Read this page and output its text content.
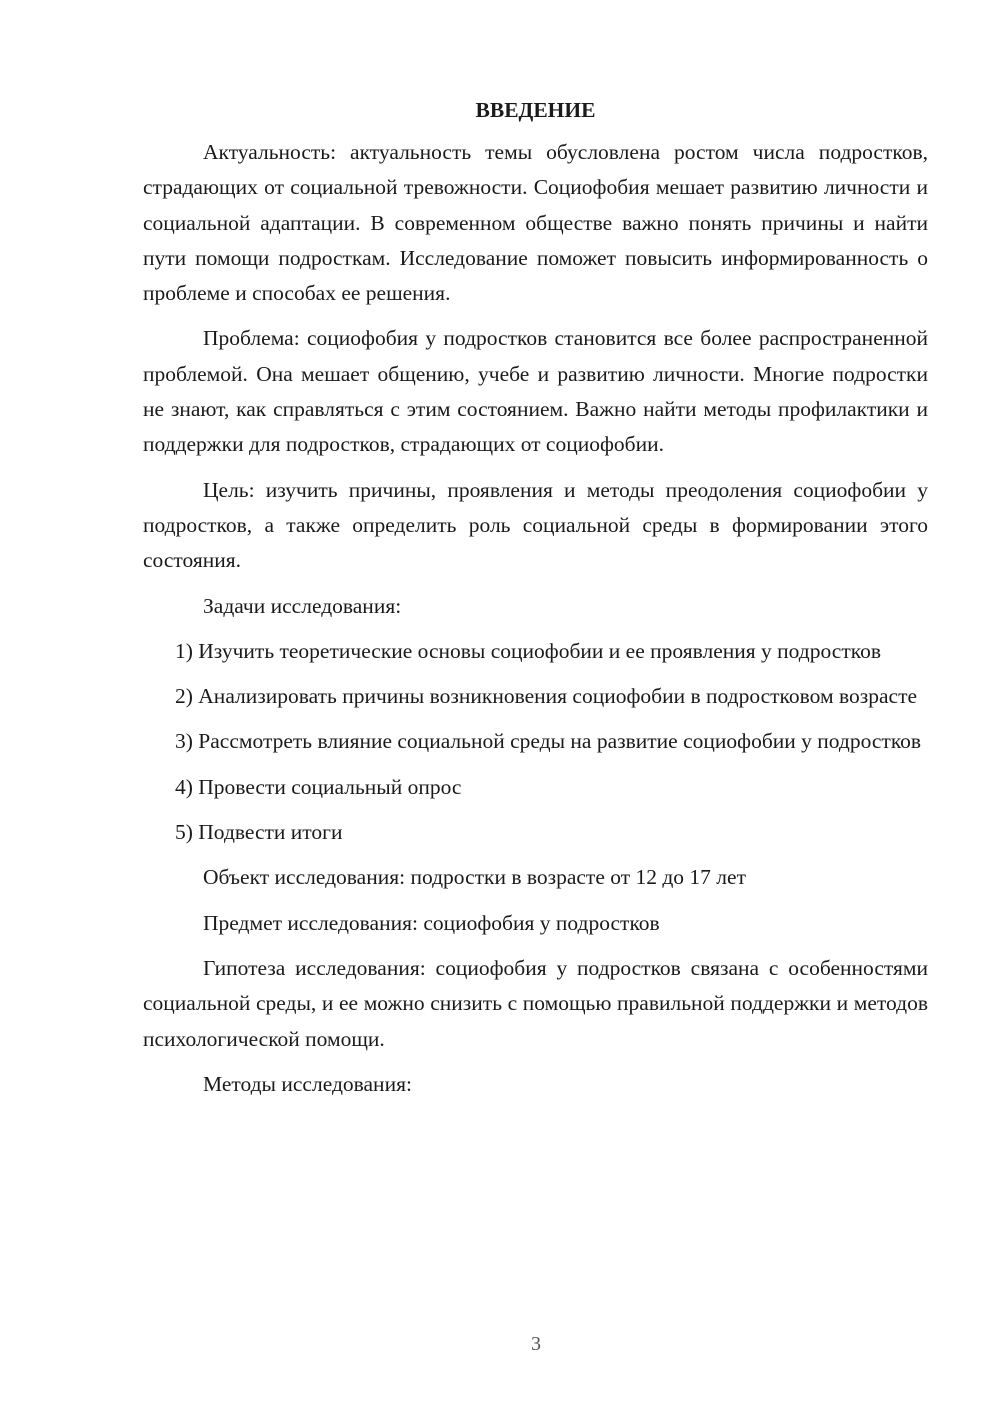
ВВЕДЕНИЕ

Актуальность: актуальность темы обусловлена ростом числа подростков, страдающих от социальной тревожности. Социофобия мешает развитию личности и социальной адаптации. В современном обществе важно понять причины и найти пути помощи подросткам. Исследование поможет повысить информированность о проблеме и способах ее решения.

Проблема: социофобия у подростков становится все более распространенной проблемой. Она мешает общению, учебе и развитию личности. Многие подростки не знают, как справляться с этим состоянием. Важно найти методы профилактики и поддержки для подростков, страдающих от социофобии.

Цель: изучить причины, проявления и методы преодоления социофобии у подростков, а также определить роль социальной среды в формировании этого состояния.

Задачи исследования:

1) Изучить теоретические основы социофобии и ее проявления у подростков

2) Анализировать причины возникновения социофобии в подростковом возрасте

3) Рассмотреть влияние социальной среды на развитие социофобии у подростков

4) Провести социальный опрос

5) Подвести итоги

Объект исследования: подростки в возрасте от 12 до 17 лет

Предмет исследования: социофобия у подростков

Гипотеза исследования: социофобия у подростков связана с особенностями социальной среды, и ее можно снизить с помощью правильной поддержки и методов психологической помощи.

Методы исследования:

3
